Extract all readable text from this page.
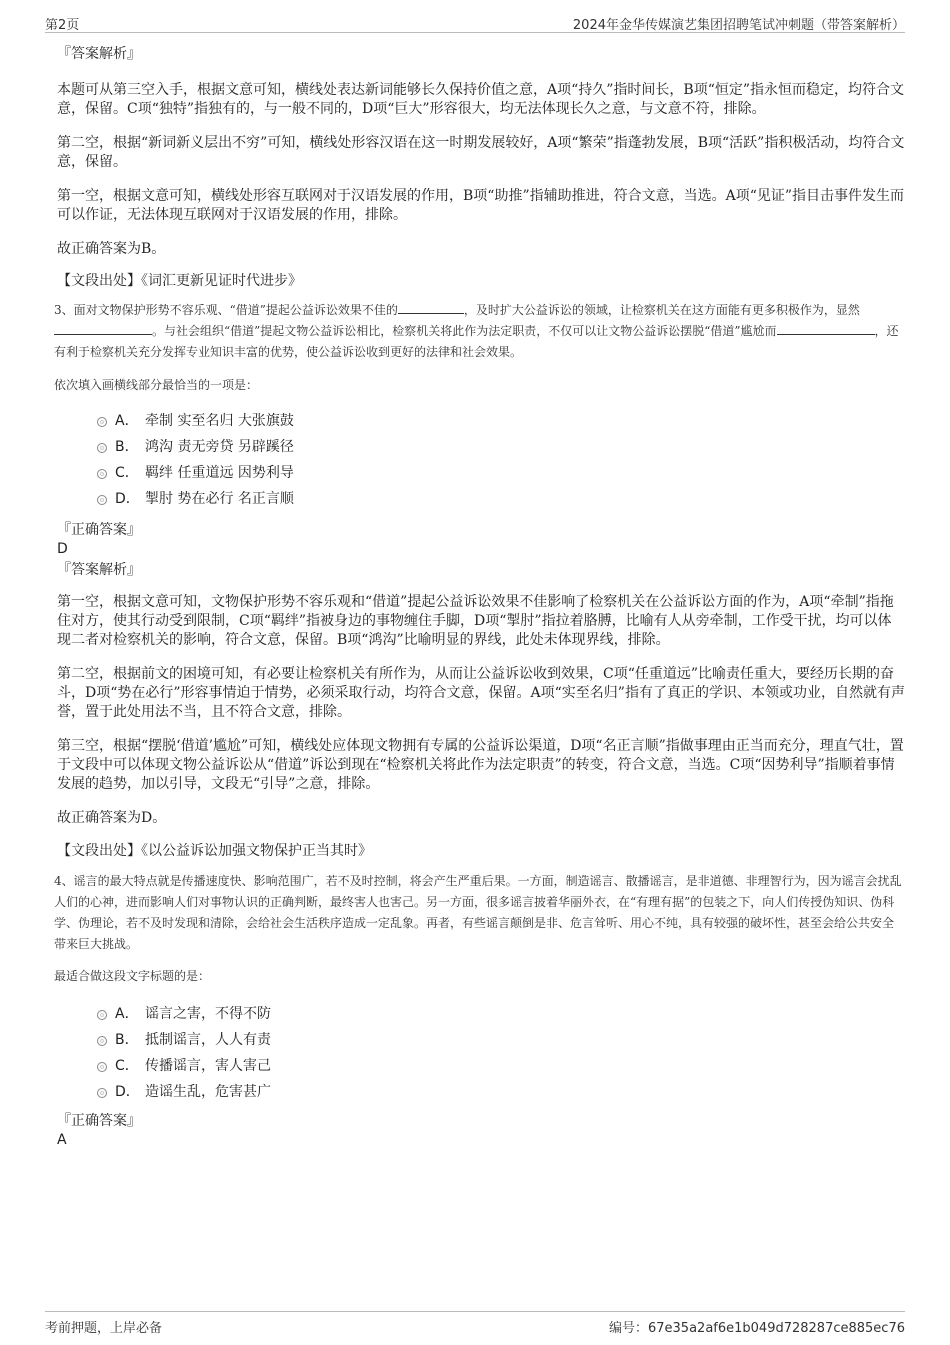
第2页	2024年金华传媒演艺集团招聘笔试冲刺题（带答案解析）

『答案解析』

本题可从第三空入手，根据文意可知，横线处表达新词能够长久保持价值之意，A项“持久”指时间长，B项“恒定”指永恒而稳定，均符合文意，保留。C项“独特”指独有的，与一般不同的，D项“巨大”形容很大，均无法体现长久之意，与文意不符，排除。

第二空，根据“新词新义层出不穷”可知，横线处形容汉语在这一时期发展较好，A项“繁荣”指蓬勃发展，B项“活跃”指积极活动，均符合文意，保留。

第一空，根据文意可知，横线处形容互联网对于汉语发展的作用，B项“助推”指辅助推进，符合文意，当选。A项“见证”指目击事件发生而可以作证，无法体现互联网对于汉语发展的作用，排除。

故正确答案为B。

【文段出处】《词汇更新见证时代进步》

3、面对文物保护形势不容乐观、“借道”提起公益诉讼效果不佳的	，及时扩大公益诉讼的领域，让检察机关在这方面能有更多积极作为，显然。与社会组织“借道”提起文物公益诉讼相比，检察机关将此作为法定职责，不仅可以让文物公益诉讼摆脱“借道”尴尬而	，还有利于检察机关充分发挥专业知识丰富的优势，使公益诉讼收到更好的法律和社会效果。

依次填入画横线部分最恰当的一项是：

A． 牵制 实至名归 大张旗鼓
B． 鸿沟 责无旁贷 另辟蹊径
C． 羁绊 任重道远 因势利导
D． 掣肘 势在必行 名正言顺

『正确答案』

D

『答案解析』

第一空，根据文意可知，文物保护形势不容乐观和“借道”提起公益诉讼效果不佳影响了检察机关在公益诉讼方面的作为，A项“牵制”指拖住对方，使其行动受到限制，C项“羁绊”指被身边的事物缠住手脚，D项“掣肘”指拉着胳膊，比喻有人从旁牵制，工作受干扰，均可以体现二者对检察机关的影响，符合文意，保留。B项“鸿沟”比喻明显的界线，此处未体现界线，排除。

第二空，根据前文的困境可知，有必要让检察机关有所作为，从而让公益诉讼收到效果，C项“任重道远”比喻责任重大，要经历长期的奋斗，D项“势在必行”形容事情迫于情势，必须采取行动，均符合文意，保留。A项“实至名归”指有了真正的学识、本领或功业，自然就有声誉，置于此处用法不当，且不符合文意，排除。

第三空，根据“摆脱‘借道’尴尬”可知，横线处应体现文物拥有专属的公益诉讼渠道，D项“名正言顺”指做事理由正当而充分，理直气壮，置于文段中可以体现文物公益诉讼从“借道”诉讼到现在“检察机关将此作为法定职责”的转变，符合文意，当选。C项“因势利导”指顺着事情发展的趋势，加以引导，文段无“引导”之意，排除。

故正确答案为D。

【文段出处】《以公益诉讼加强文物保护正当其时》

4、谣言的最大特点就是传播速度快、影响范围广，若不及时控制，将会产生严重后果。一方面，制造谣言、散播谣言，是非道德、非理智行为，因为谣言会扰乱人们的心神，进而影响人们对事物认识的正确判断，最终害人也害己。另一方面，很多谣言披着华丽外衣，在“有理有据”的包装之下，向人们传授伪知识、伪科学、伪理论，若不及时发现和清除，会给社会生活秩序造成一定乱象。再者，有些谣言颠倒是非、危言耸听、用心不纯，具有较强的破坏性，甚至会给公共安全带来巨大挑战。

最适合做这段文字标题的是：

A． 谣言之害，不得不防
B． 抵制谣言，人人有责
C． 传播谣言，害人害己
D． 造谣生乱，危害甚广

『正确答案』

A

考前押题，上岸必备	编号：67e35a2af6e1b049d728287ce885ec76
